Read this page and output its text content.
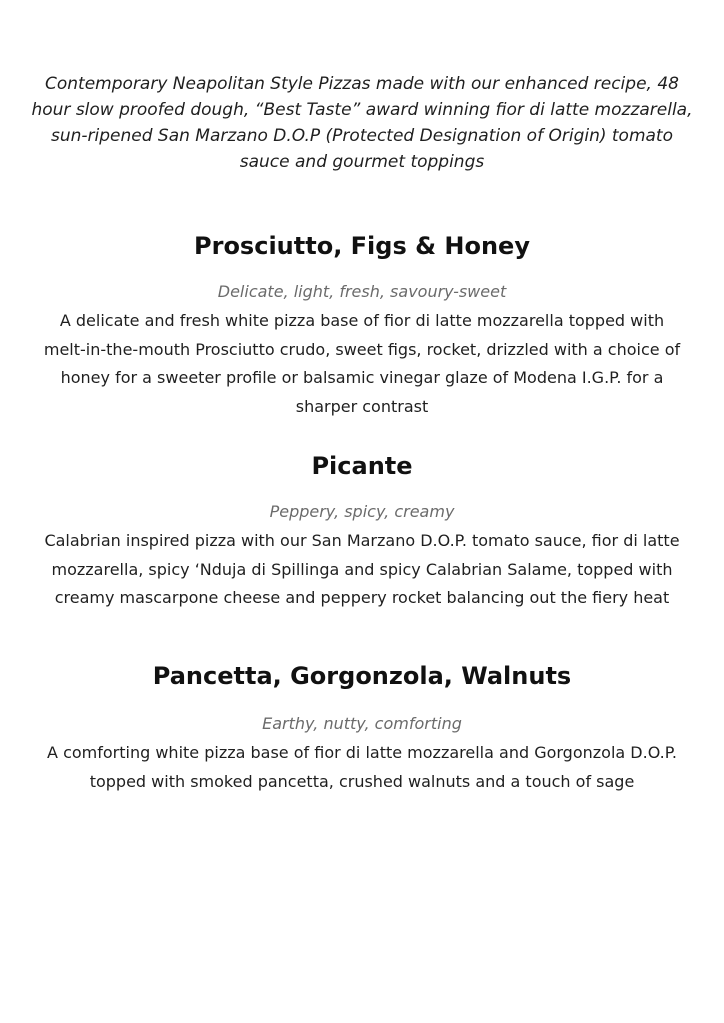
Contemporary Neapolitan Style Pizzas made with our enhanced recipe, 48 hour slow proofed dough, “Best Taste” award winning fior di latte mozzarella, sun-ripened San Marzano D.O.P (Protected Designation of Origin) tomato sauce and gourmet toppings

Prosciutto, Figs & Honey

Delicate, light, fresh, savoury-sweet

A delicate and fresh white pizza base of fior di latte mozzarella topped with melt-in-the-mouth Prosciutto crudo, sweet figs, rocket, drizzled with a choice of honey for a sweeter profile or balsamic vinegar glaze of Modena I.G.P. for a sharper contrast

Picante

Peppery, spicy, creamy

Calabrian inspired pizza with our San Marzano D.O.P. tomato sauce, fior di latte mozzarella, spicy ‘Nduja di Spillinga and spicy Calabrian Salame, topped with creamy mascarpone cheese and peppery rocket balancing out the fiery heat

Pancetta, Gorgonzola, Walnuts

Earthy, nutty, comforting

A comforting white pizza base of fior di latte mozzarella and Gorgonzola D.O.P. topped with smoked pancetta, crushed walnuts and a touch of sage
